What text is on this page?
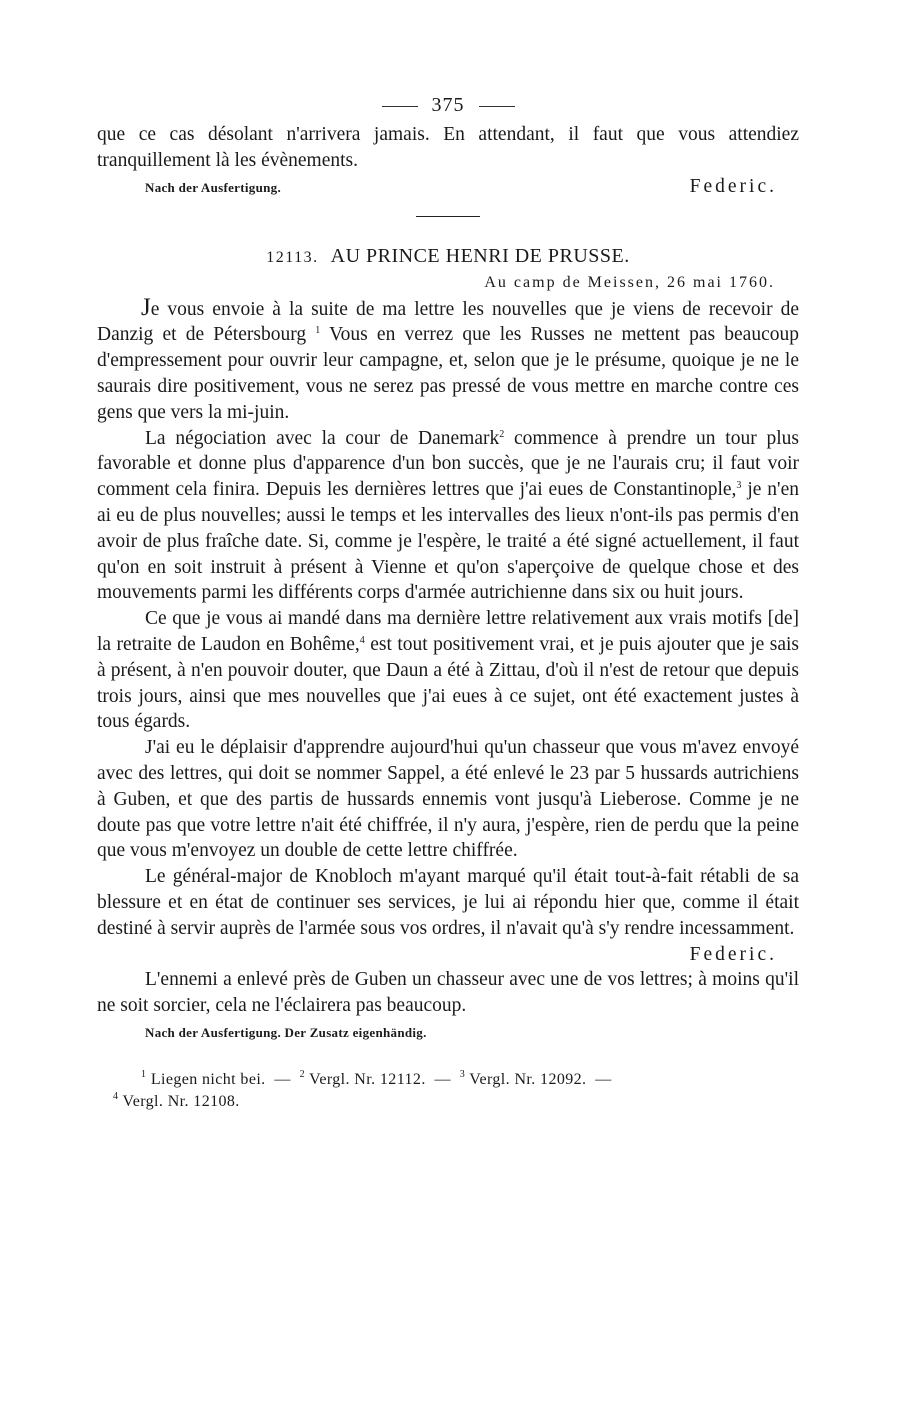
375

que ce cas désolant n'arrivera jamais. En attendant, il faut que vous attendiez tranquillement là les évènements.

Nach der Ausfertigung.	Federic.
12113. AU PRINCE HENRI DE PRUSSE.
Au camp de Meissen, 26 mai 1760.

Je vous envoie à la suite de ma lettre les nouvelles que je viens de recevoir de Danzig et de Pétersbourg $^1$ Vous en verrez que les Russes ne mettent pas beaucoup d'empressement pour ouvrir leur campagne, et, selon que je le présume, quoique je ne le saurais dire positivement, vous ne serez pas pressé de vous mettre en marche contre ces gens que vers la mi-juin.

La négociation avec la cour de Danemark$^2$ commence à prendre un tour plus favorable et donne plus d'apparence d'un bon succès, que je ne l'aurais cru; il faut voir comment cela finira. Depuis les dernières lettres que j'ai eues de Constantinople,$^3$ je n'en ai eu de plus nouvelles; aussi le temps et les intervalles des lieux n'ont-ils pas permis d'en avoir de plus fraîche date. Si, comme je l'espère, le traité a été signé actuellement, il faut qu'on en soit instruit à présent à Vienne et qu'on s'aperçoive de quelque chose et des mouvements parmi les différents corps d'armée autrichienne dans six ou huit jours.

Ce que je vous ai mandé dans ma dernière lettre relativement aux vrais motifs [de] la retraite de Laudon en Bohême,$^4$ est tout positivement vrai, et je puis ajouter que je sais à présent, à n'en pouvoir douter, que Daun a été à Zittau, d'où il n'est de retour que depuis trois jours, ainsi que mes nouvelles que j'ai eues à ce sujet, ont été exactement justes à tous égards.

J'ai eu le déplaisir d'apprendre aujourd'hui qu'un chasseur que vous m'avez envoyé avec des lettres, qui doit se nommer Sappel, a été enlevé le 23 par 5 hussards autrichiens à Guben, et que des partis de hussards ennemis vont jusqu'à Lieberose. Comme je ne doute pas que votre lettre n'ait été chiffrée, il n'y aura, j'espère, rien de perdu que la peine que vous m'envoyez un double de cette lettre chiffrée.

Le général-major de Knobloch m'ayant marqué qu'il était tout-à-fait rétabli de sa blessure et en état de continuer ses services, je lui ai répondu hier que, comme il était destiné à servir auprès de l'armée sous vos ordres, il n'avait qu'à s'y rendre incessamment.

Federic.

L'ennemi a enlevé près de Guben un chasseur avec une de vos lettres; à moins qu'il ne soit sorcier, cela ne l'éclairera pas beaucoup.

Nach der Ausfertigung. Der Zusatz eigenhändig.
$^1$ Liegen nicht bei. — $^2$ Vergl. Nr. 12112. — $^3$ Vergl. Nr. 12092. —
$^4$ Vergl. Nr. 12108.
